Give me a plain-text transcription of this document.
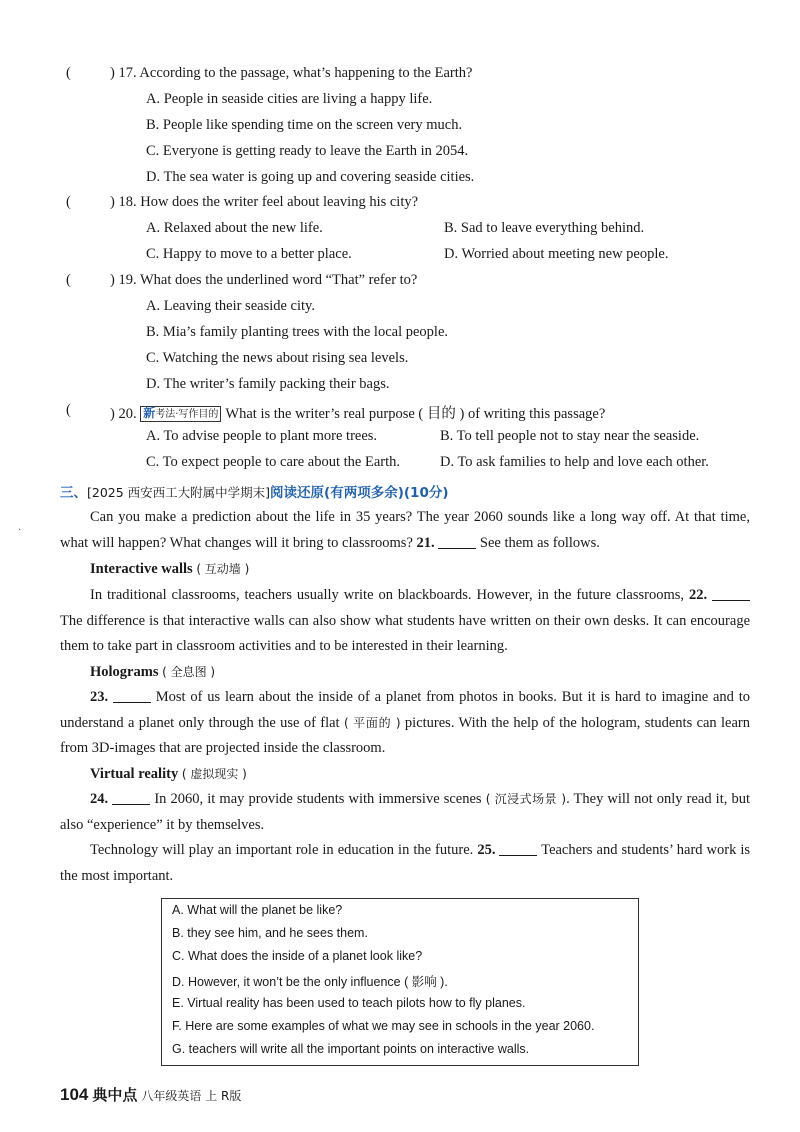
(	) 17. According to the passage, what’s happening to the Earth?
A. People in seaside cities are living a happy life.
B. People like spending time on the screen very much.
C. Everyone is getting ready to leave the Earth in 2054.
D. The sea water is going up and covering seaside cities.
(	) 18. How does the writer feel about leaving his city?
A. Relaxed about the new life.	B. Sad to leave everything behind.
C. Happy to move to a better place.	D. Worried about meeting new people.
(	) 19. What does the underlined word “That” refer to?
A. Leaving their seaside city.
B. Mia’s family planting trees with the local people.
C. Watching the news about rising sea levels.
D. The writer’s family packing their bags.
(	) 20. 新考法·写作目的 What is the writer’s real purpose ( 目的 ) of writing this passage?
A. To advise people to plant more trees.	B. To tell people not to stay near the seaside.
C. To expect people to care about the Earth.	D. To ask families to help and love each other.
三、[2025 西安西工大附属中学期末]阅读还原(有两项多余)(10分)
·
Can you make a prediction about the life in 35 years? The year 2060 sounds like a long way off. At that time, what will happen? What changes will it bring to classrooms? 21.	See them as follows.
Interactive walls ( 互动墙 )
In traditional classrooms, teachers usually write on blackboards. However, in the future classrooms, 22.  The difference is that interactive walls can also show what students have written on their own desks. It can encourage them to take part in classroom activities and to be interested in their learning.
Holograms ( 全息图 )
23.	Most of us learn about the inside of a planet from photos in books. But it is hard to imagine and to understand a planet only through the use of flat ( 平面的 ) pictures. With the help of the hologram, students can learn from 3D-images that are projected inside the classroom.
Virtual reality ( 虚拟现实 )
24.	In 2060, it may provide students with immersive scenes ( 沉浸式场景 ). They will not only read it, but also “experience” it by themselves.
Technology will play an important role in education in the future. 25.	Teachers and students’ hard work is the most important.
A. What will the planet be like?
B. they see him, and he sees them.
C. What does the inside of a planet look like?
D. However, it won’t be the only influence ( 影响 ).
E. Virtual reality has been used to teach pilots how to fly planes.
F. Here are some examples of what we may see in schools in the year 2060.
G. teachers will write all the important points on interactive walls.
104 典中点 八年级英语 上 R版
